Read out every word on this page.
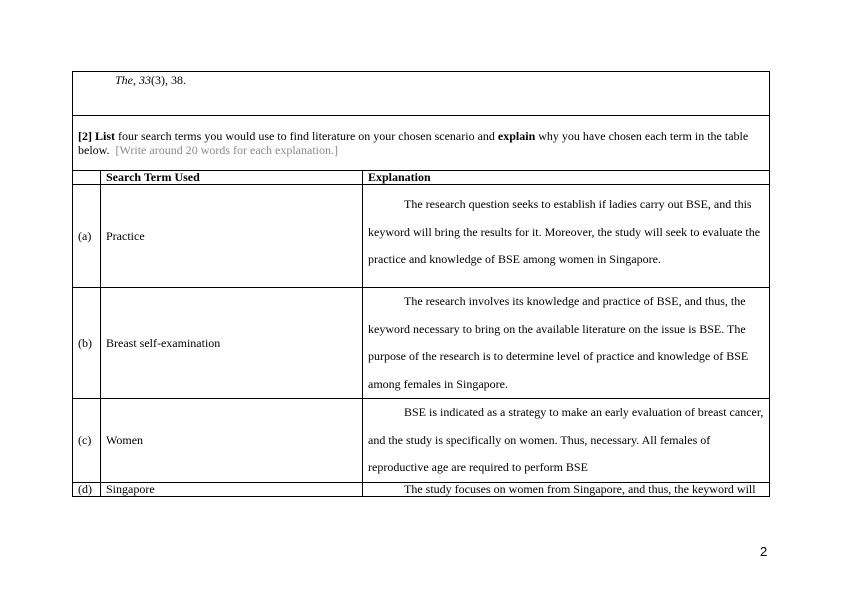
The, 33(3), 38.		
[2] List four search terms you would use to find literature on your chosen scenario and explain why you have chosen each term in the table below. [Write around 20 words for each explanation.]		
	Search Term Used	Explanation
(a)	Practice	The research question seeks to establish if ladies carry out BSE, and this keyword will bring the results for it. Moreover, the study will seek to evaluate the practice and knowledge of BSE among women in Singapore.
(b)	Breast self-examination	The research involves its knowledge and practice of BSE, and thus, the keyword necessary to bring on the available literature on the issue is BSE. The purpose of the research is to determine level of practice and knowledge of BSE among females in Singapore.
(c)	Women	BSE is indicated as a strategy to make an early evaluation of breast cancer, and the study is specifically on women. Thus, necessary. All females of reproductive age are required to perform BSE
(d)	Singapore	The study focuses on women from Singapore, and thus, the keyword will
2
